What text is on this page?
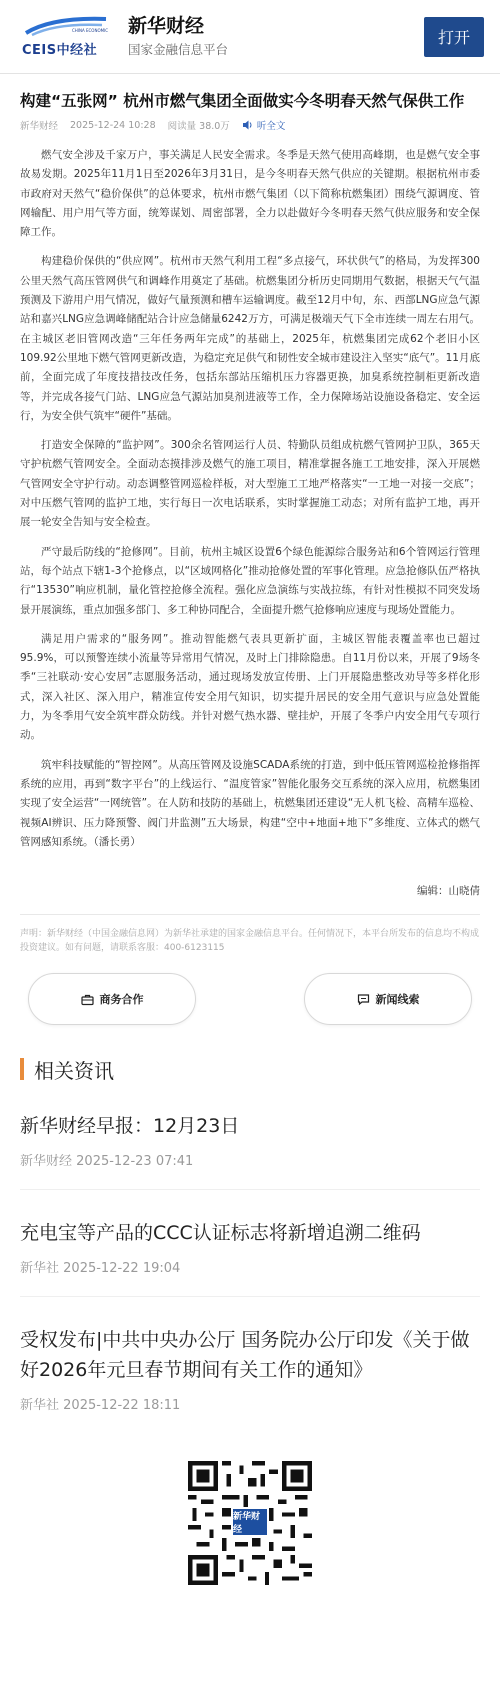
CHINA ECONOMIC
CEIS中经社
新华财经
国家金融信息平台
打开
构建“五张网” 杭州市燃气集团全面做实今冬明春天然气保供工作
新华财经 2025-12-24 10:28 阅读量 38.0万	听全文

燃气安全涉及千家万户，事关满足人民安全需求。冬季是天然气使用高峰期，也是燃气安全事故易发期。2025年11月1日至2026年3月31日，是今冬明春天然气供应的关键期。根据杭州市委市政府对天然气“稳价保供”的总体要求，杭州市燃气集团（以下简称杭燃集团）围绕气源调度、管网输配、用户用气等方面，统筹谋划、周密部署，全力以赴做好今冬明春天然气供应服务和安全保障工作。

构建稳价保供的“供应网”。杭州市天然气利用工程“多点接气，环状供气”的格局，为发挥300公里天然气高压管网供气和调峰作用奠定了基础。杭燃集团分析历史同期用气数据，根据天气气温预测及下游用户用气情况，做好气量预测和槽车运输调度。截至12月中旬，东、西部LNG应急气源站和嘉兴LNG应急调峰储配站合计应急储量6242万方，可满足极端天气下全市连续一周左右用气。在主城区老旧管网改造“三年任务两年完成”的基础上，2025年，杭燃集团完成62个老旧小区109.92公里地下燃气管网更新改造，为稳定充足供气和韧性安全城市建设注入坚实“底气”。11月底前，全面完成了年度技措技改任务，包括东部站压缩机压力容器更换，加臭系统控制柜更新改造等，并完成各接气门站、LNG应急气源站加臭剂进液等工作，全力保障场站设施设备稳定、安全运行，为安全供气筑牢“硬件”基础。

打造安全保障的“监护网”。300余名管网运行人员、特勤队员组成杭燃气管网护卫队，365天守护杭燃气管网安全。全面动态摸排涉及燃气的施工项目，精准掌握各施工工地安排，深入开展燃气管网安全守护行动。动态调整管网巡检样板，对大型施工工地严格落实“一工地一对接一交底”；对中压燃气管网的监护工地，实行每日一次电话联系，实时掌握施工动态；对所有监护工地，再开展一轮安全告知与安全检查。

严守最后防线的“抢修网”。目前，杭州主城区设置6个绿色能源综合服务站和6个管网运行管理站，每个站点下辖1-3个抢修点，以“区域网格化”推动抢修处置的军事化管理。应急抢修队伍严格执行“13530”响应机制，量化管控抢修全流程。强化应急演练与实战拉练，有针对性模拟不同突发场景开展演练，重点加强多部门、多工种协同配合，全面提升燃气抢修响应速度与现场处置能力。

满足用户需求的“服务网”。推动智能燃气表具更新扩面，主城区智能表覆盖率也已超过95.9%，可以预警连续小流量等异常用气情况，及时上门排除隐患。自11月份以来，开展了9场冬季“三社联动·安心安居”志愿服务活动，通过现场发放宣传册、上门开展隐患整改劝导等多样化形式，深入社区、深入用户，精准宣传安全用气知识，切实提升居民的安全用气意识与应急处置能力，为冬季用气安全筑牢群众防线。并针对燃气热水器、壁挂炉，开展了冬季户内安全用气专项行动。

筑牢科技赋能的“智控网”。从高压管网及设施SCADA系统的打造，到中低压管网巡检抢修指挥系统的应用，再到“数字平台”的上线运行、“温度管家”智能化服务交互系统的深入应用，杭燃集团实现了安全运营“一网统管”。在人防和技防的基础上，杭燃集团还建设“无人机飞检、高精车巡检、视频AI辨识、压力降预警、阀门井监测”五大场景，构建“空中+地面+地下”多维度、立体式的燃气管网感知系统。（潘长勇）

编辑：山晓倩
声明：新华财经（中国金融信息网）为新华社承建的国家金融信息平台。任何情况下，本平台所发布的信息均不构成投资建议。如有问题，请联系客服：400-6123115
商务合作	新闻线索
相关资讯
新华财经早报：12月23日
新华财经 2025-12-23 07:41
充电宝等产品的CCC认证标志将新增追溯二维码
新华社 2025-12-22 19:04
受权发布|中共中央办公厅 国务院办公厅印发《关于做好2026年元旦春节期间有关工作的通知》
新华社 2025-12-22 18:11
新华财经
